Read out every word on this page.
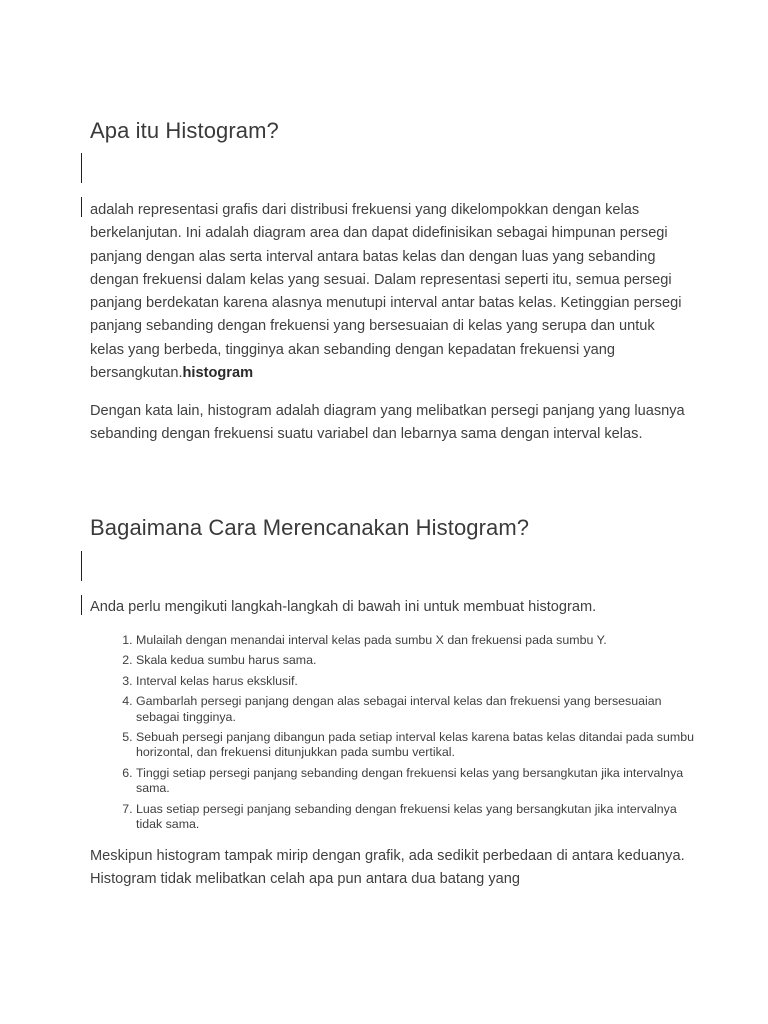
Apa itu Histogram?

adalah representasi grafis dari distribusi frekuensi yang dikelompokkan dengan kelas berkelanjutan. Ini adalah diagram area dan dapat didefinisikan sebagai himpunan persegi panjang dengan alas serta interval antara batas kelas dan dengan luas yang sebanding dengan frekuensi dalam kelas yang sesuai. Dalam representasi seperti itu, semua persegi panjang berdekatan karena alasnya menutupi interval antar batas kelas. Ketinggian persegi panjang sebanding dengan frekuensi yang bersesuaian di kelas yang serupa dan untuk kelas yang berbeda, tingginya akan sebanding dengan kepadatan frekuensi yang bersangkutan.histogram

Dengan kata lain, histogram adalah diagram yang melibatkan persegi panjang yang luasnya sebanding dengan frekuensi suatu variabel dan lebarnya sama dengan interval kelas.

Bagaimana Cara Merencanakan Histogram?

Anda perlu mengikuti langkah-langkah di bawah ini untuk membuat histogram.

1. Mulailah dengan menandai interval kelas pada sumbu X dan frekuensi pada sumbu Y.
2. Skala kedua sumbu harus sama.
3. Interval kelas harus eksklusif.
4. Gambarlah persegi panjang dengan alas sebagai interval kelas dan frekuensi yang bersesuaian sebagai tingginya.
5. Sebuah persegi panjang dibangun pada setiap interval kelas karena batas kelas ditandai pada sumbu horizontal, dan frekuensi ditunjukkan pada sumbu vertikal.
6. Tinggi setiap persegi panjang sebanding dengan frekuensi kelas yang bersangkutan jika intervalnya sama.
7. Luas setiap persegi panjang sebanding dengan frekuensi kelas yang bersangkutan jika intervalnya tidak sama.

Meskipun histogram tampak mirip dengan grafik, ada sedikit perbedaan di antara keduanya. Histogram tidak melibatkan celah apa pun antara dua batang yang
